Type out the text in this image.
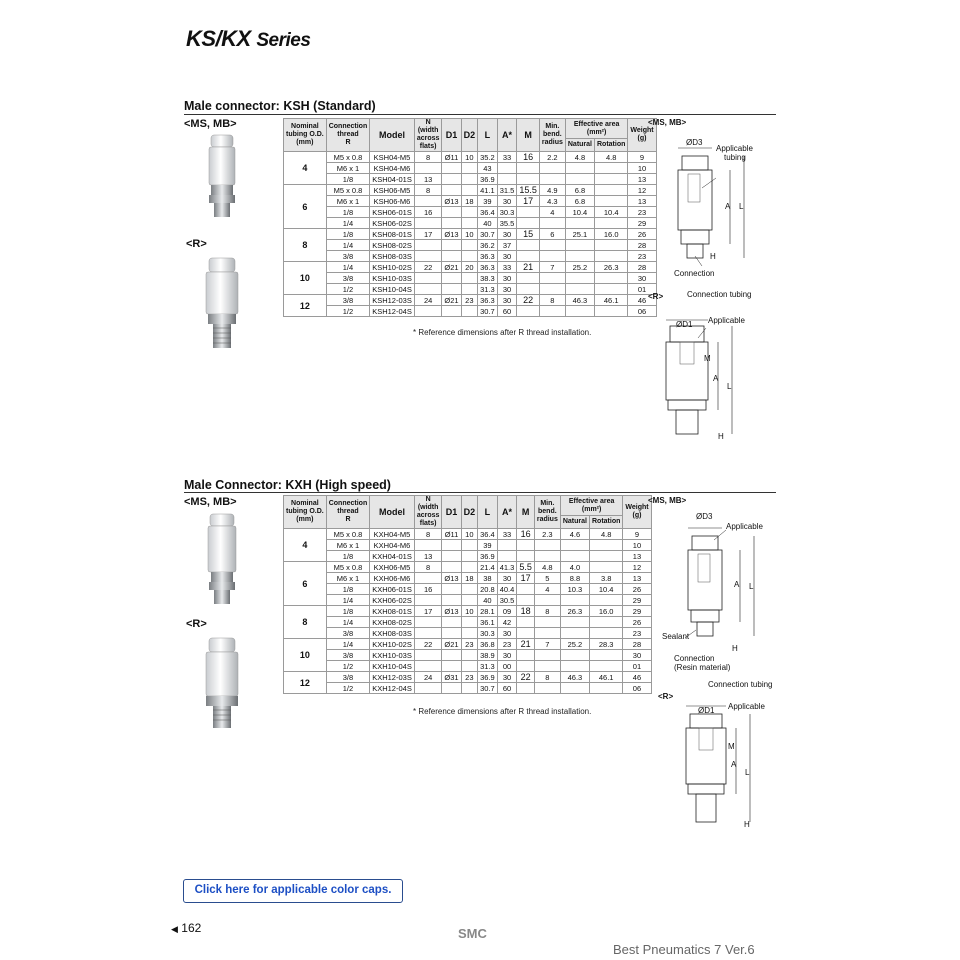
KS/KX Series
Male connector: KSH (Standard)
<MS, MB>
<R>
Male Connector: KXH (High speed)
<MS, MB>
<R>
Nominal
tubing O.D.
(mm)	Connection
thread
R	Model	N
(width
across
flats)	D1	D2	L	A*	M	Min.
bend.
radius	Effective area
(mm²)		Weight
(g)
										Natural	Rotation	
4	M5 x 0.8	KSH04-M5	8	Ø11	10	35.2	33	16	2.2	4.8	4.8	9
	M6 x 1	KSH04-M6				43						10
	1/8	KSH04-01S	13			36.9						13
6	M5 x 0.8	KSH06-M5	8			41.1	31.5	15.5	4.9	6.8		12
	M6 x 1	KSH06-M6		Ø13	18	39	30	17	4.3	6.8		13
	1/8	KSH06-01S	16			36.4	30.3		4	10.4	10.4	23
	1/4	KSH06-02S				40	35.5					29
8	1/8	KSH08-01S	17	Ø13	10	30.7	30	15	6	25.1	16.0	26
	1/4	KSH08-02S				36.2	37					28
	3/8	KSH08-03S				36.3	30					23
10	1/4	KSH10-02S	22	Ø21	20	36.3	33	21	7	25.2	26.3	28
	3/8	KSH10-03S				38.3	30					30
	1/2	KSH10-04S				31.3	30					01
12	3/8	KSH12-03S	24	Ø21	23	36.3	30	22	8	46.3	46.1	46
	1/2	KSH12-04S				30.7	60					06
* Reference dimensions after R thread installation.
Nominal
tubing O.D.
(mm)	Connection
thread
R	Model	N
(width
across
flats)	D1	D2	L	A*	M	Min.
bend.
radius	Effective area
(mm²)		Weight
(g)
										Natural	Rotation	
4	M5 x 0.8	KXH04-M5	8	Ø11	10	36.4	33	16	2.3	4.6	4.8	9
	M6 x 1	KXH04-M6				39						10
	1/8	KXH04-01S	13			36.9						13
6	M5 x 0.8	KXH06-M5	8			21.4	41.3	5.5	4.8	4.0		12
	M6 x 1	KXH06-M6		Ø13	18	38	30	17	5	8.8	3.8	13
	1/8	KXH06-01S	16			20.8	40.4		4	10.3	10.4	26
	1/4	KXH06-02S				40	30.5					29
8	1/8	KXH08-01S	17	Ø13	10	28.1	09	18	8	26.3	16.0	29
	1/4	KXH08-02S				36.1	42					26
	3/8	KXH08-03S				30.3	30					23
10	1/4	KXH10-02S	22	Ø21	23	36.8	23	21	7	25.2	28.3	28
	3/8	KXH10-03S				38.9	30					30
	1/2	KXH10-04S				31.3	00					01
12	3/8	KXH12-03S	24	Ø31	23	36.9	30	22	8	46.3	46.1	46
	1/2	KXH12-04S				30.7	60					06
* Reference dimensions after R thread installation.
<MS, MB>
ØD3
Applicable
tubing
A L
H
Connection
<R>	Connection tubing
ØD1 Applicable
M
A
L
H
<MS, MB>
ØD3
Applicable
A L
Sealant
H
Connection
(Resin material)
<R>
Connection tubing
ØD1 Applicable
M
A
L
H
Click here for applicable color caps.
◀ 162	SMC
Best Pneumatics 7 Ver.6
